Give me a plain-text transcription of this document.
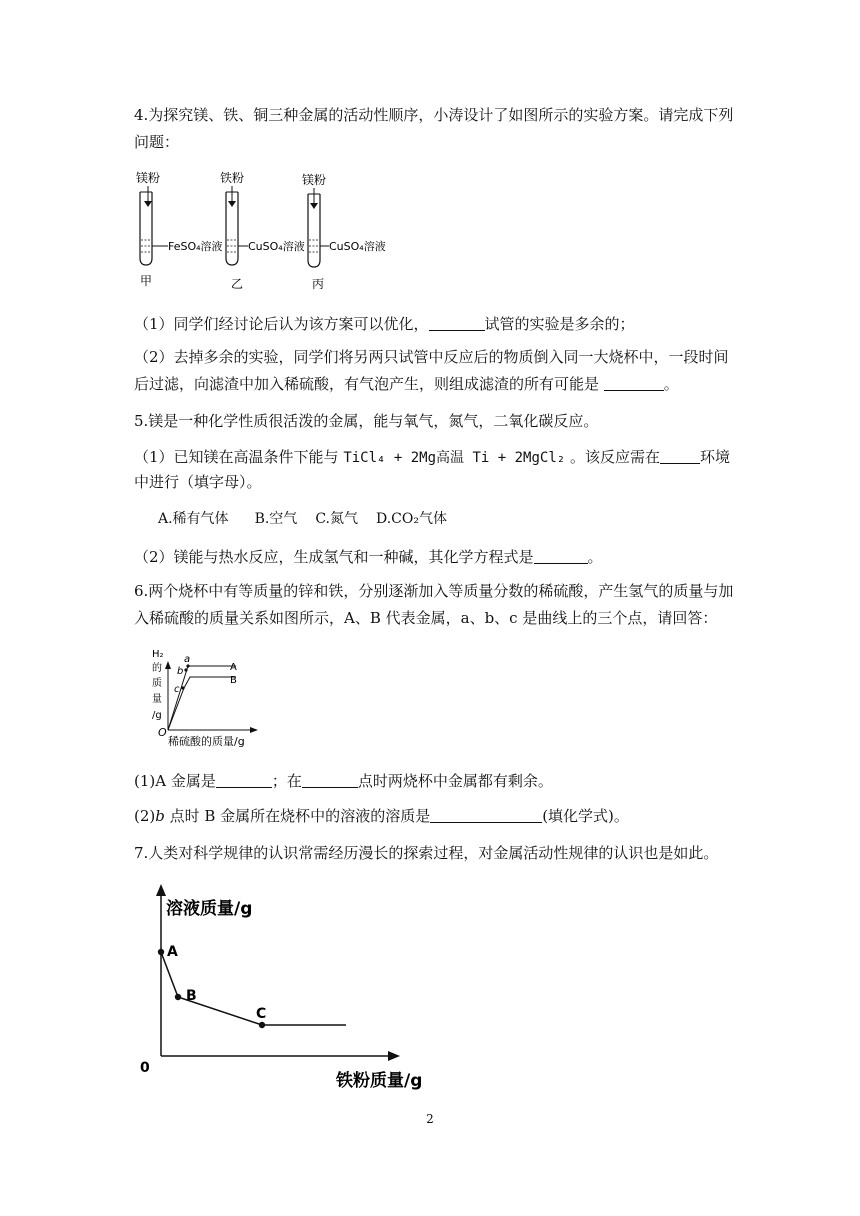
4.为探究镁、铁、铜三种金属的活动性顺序，小涛设计了如图所示的实验方案。请完成下列
问题：
镁粉
FeSO₄溶液
甲
铁粉
CuSO₄溶液
乙
镁粉
CuSO₄溶液
丙
（1）同学们经讨论后认为该方案可以优化，	试管的实验是多余的；
（2）去掉多余的实验，同学们将另两只试管中反应后的物质倒入同一大烧杯中，一段时间
后过滤，向滤渣中加入稀硫酸，有气泡产生，则组成滤渣的所有可能是	。
5.镁是一种化学性质很活泼的金属，能与氧气，氮气，二氧化碳反应。
（1）已知镁在高温条件下能与 TiCl₄ + 2Mg高温 Ti + 2MgCl₂ 。该反应需在	环境
中进行（填字母）。
A.稀有气体 B.空气 C.氮气 D.CO₂气体
（2）镁能与热水反应，生成氢气和一种碱，其化学方程式是	。
6.两个烧杯中有等质量的锌和铁，分别逐渐加入等质量分数的稀硫酸，产生氢气的质量与加
入稀硫酸的质量关系如图所示，A、B 代表金属，a、b、c 是曲线上的三个点，请回答：
H₂
的
质
量
/g
O
稀硫酸的质量/g
a
b
c
A
B
(1)A 金属是	；在	点时两烧杯中金属都有剩余。
(2)b 点时 B 金属所在烧杯中的溶液的溶质是	(填化学式)。
7.人类对科学规律的认识常需经历漫长的探索过程，对金属活动性规律的认识也是如此。
溶液质量/g
铁粉质量/g
0
A
B
C
2
